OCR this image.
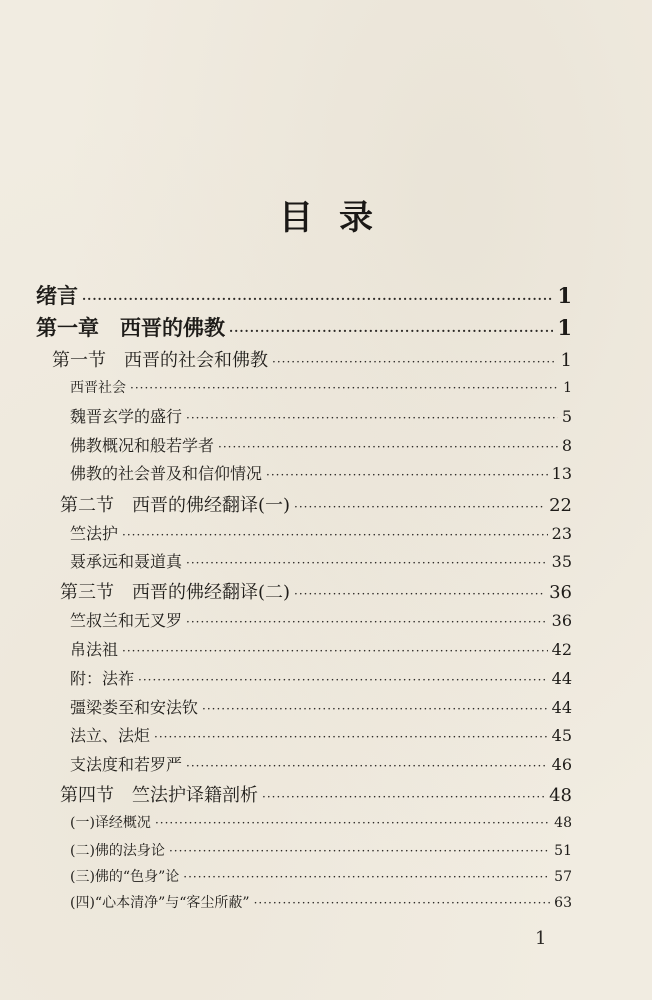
目录
绪言 ·····	1
第一章　西晋的佛教 ·····	1
第一节　西晋的社会和佛教 ·····	1
西晋社会 ·····	1
魏晋玄学的盛行 ·····	5
佛教概况和般若学者 ·····	8
佛教的社会普及和信仰情况 ·····	13
第二节　西晋的佛经翻译(一) ·····	22
竺法护 ·····	23
聂承远和聂道真 ·····	35
第三节　西晋的佛经翻译(二) ·····	36
竺叔兰和无叉罗 ·····	36
帛法祖 ·····	42
附：法祚 ·····	44
彊梁娄至和安法钦 ·····	44
法立、法炬 ·····	45
支法度和若罗严 ·····	46
第四节　竺法护译籍剖析 ·····	48
(一)译经概况 ·····	48
(二)佛的法身论 ·····	51
(三)佛的“色身”论 ·····	57
(四)“心本清净”与“客尘所蔽” ·····	63
1
